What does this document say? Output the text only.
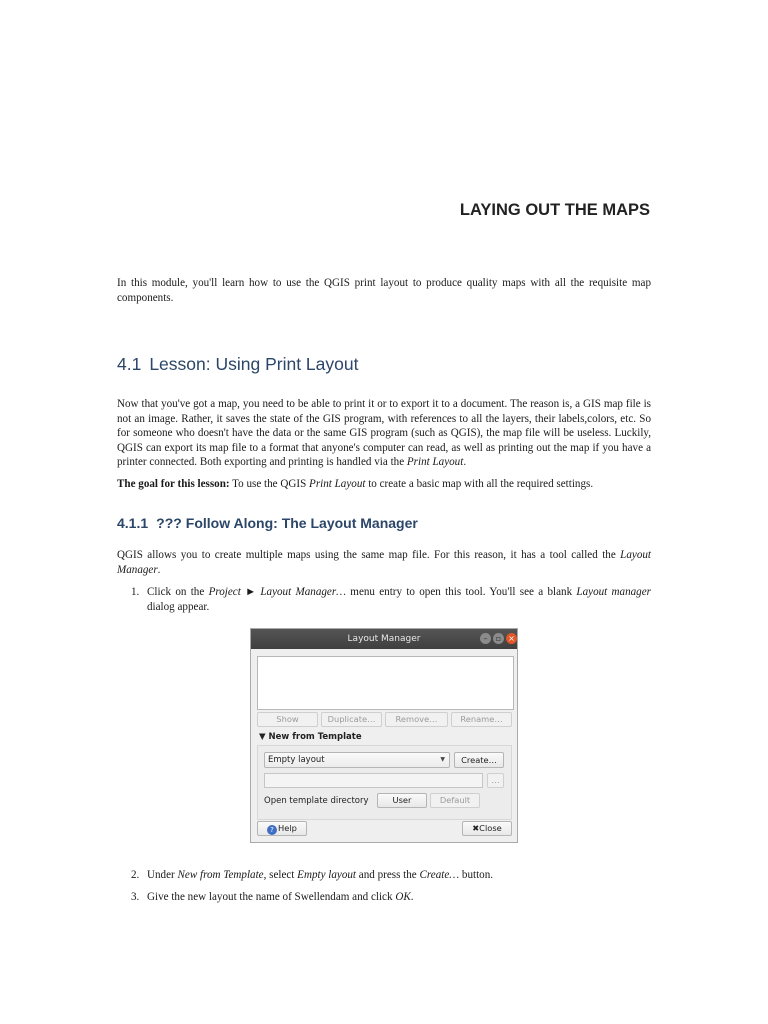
LAYING OUT THE MAPS
In this module, you'll learn how to use the QGIS print layout to produce quality maps with all the requisite map components.
4.1 Lesson: Using Print Layout
Now that you've got a map, you need to be able to print it or to export it to a document. The reason is, a GIS map file is not an image. Rather, it saves the state of the GIS program, with references to all the layers, their labels,colors, etc. So for someone who doesn't have the data or the same GIS program (such as QGIS), the map file will be useless. Luckily, QGIS can export its map file to a format that anyone's computer can read, as well as printing out the map if you have a printer connected. Both exporting and printing is handled via the Print Layout.
The goal for this lesson: To use the QGIS Print Layout to create a basic map with all the required settings.
4.1.1 ??? Follow Along: The Layout Manager
QGIS allows you to create multiple maps using the same map file. For this reason, it has a tool called the Layout Manager.
1. Click on the Project ► Layout Manager… menu entry to open this tool. You'll see a blank Layout manager dialog appear.
Layout Manager	–	▫ ×
Show	Duplicate…	Remove…	Rename…
▼ New from Template
Empty layout	▼	Create…
…
Open template directory	User	Default
? Help	✖Close
2. Under New from Template, select Empty layout and press the Create… button.
3. Give the new layout the name of Swellendam and click OK.
